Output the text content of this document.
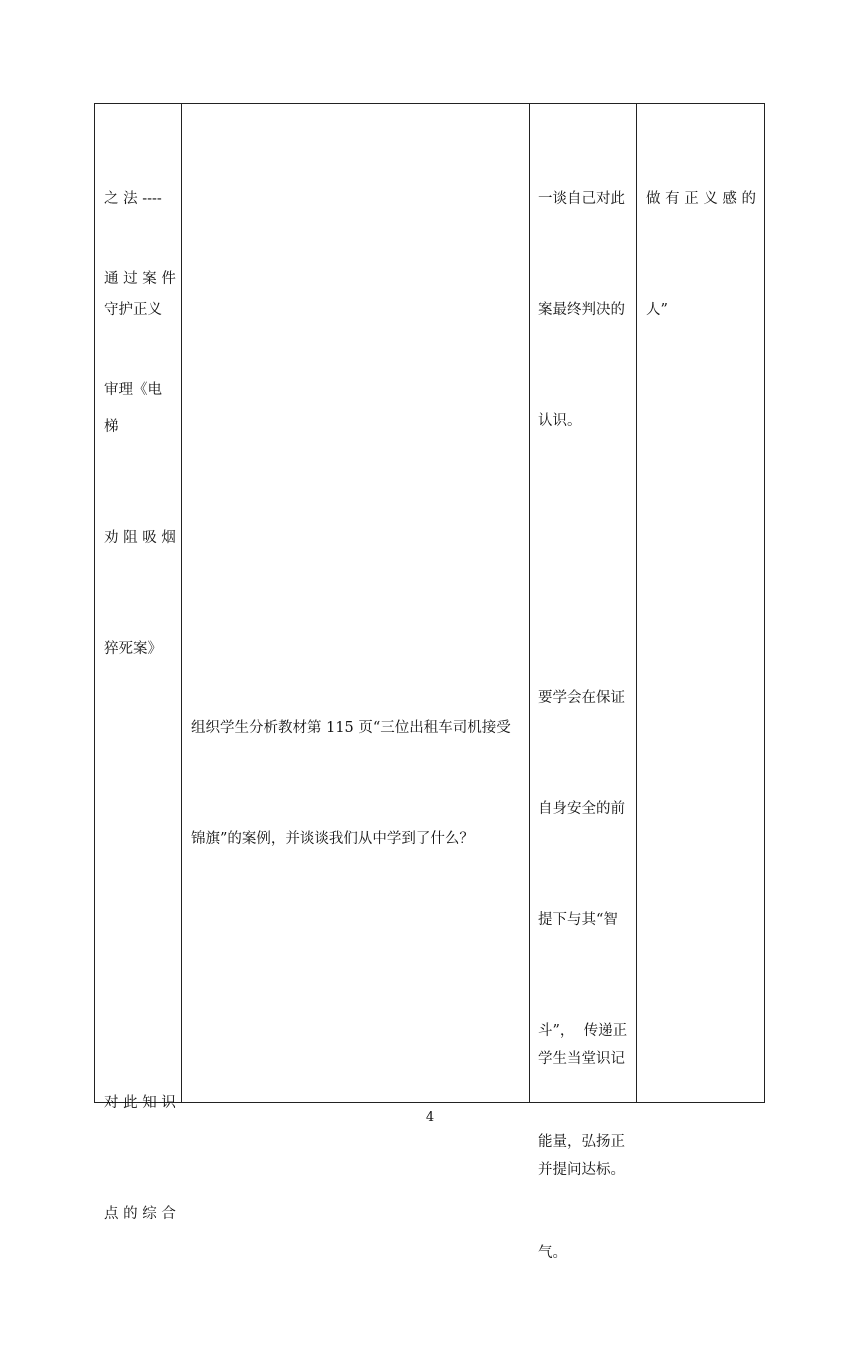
之 法 ----

守护正义

通 过 案 件

审理《电梯

劝 阻 吸 烟

猝死案》

对 此 知 识

点 的 综 合

组织学生分析教材第 115 页“三位出租车司机接受

锦旗”的案例，并谈谈我们从中学到了什么？

一谈自己对此

案最终判决的

认识。

要学会在保证

自身安全的前

提下与其“智

斗”，  传递正

能量，弘扬正

气。

学生当堂识记

并提问达标。

做 有 正 义 感 的

人”

4
